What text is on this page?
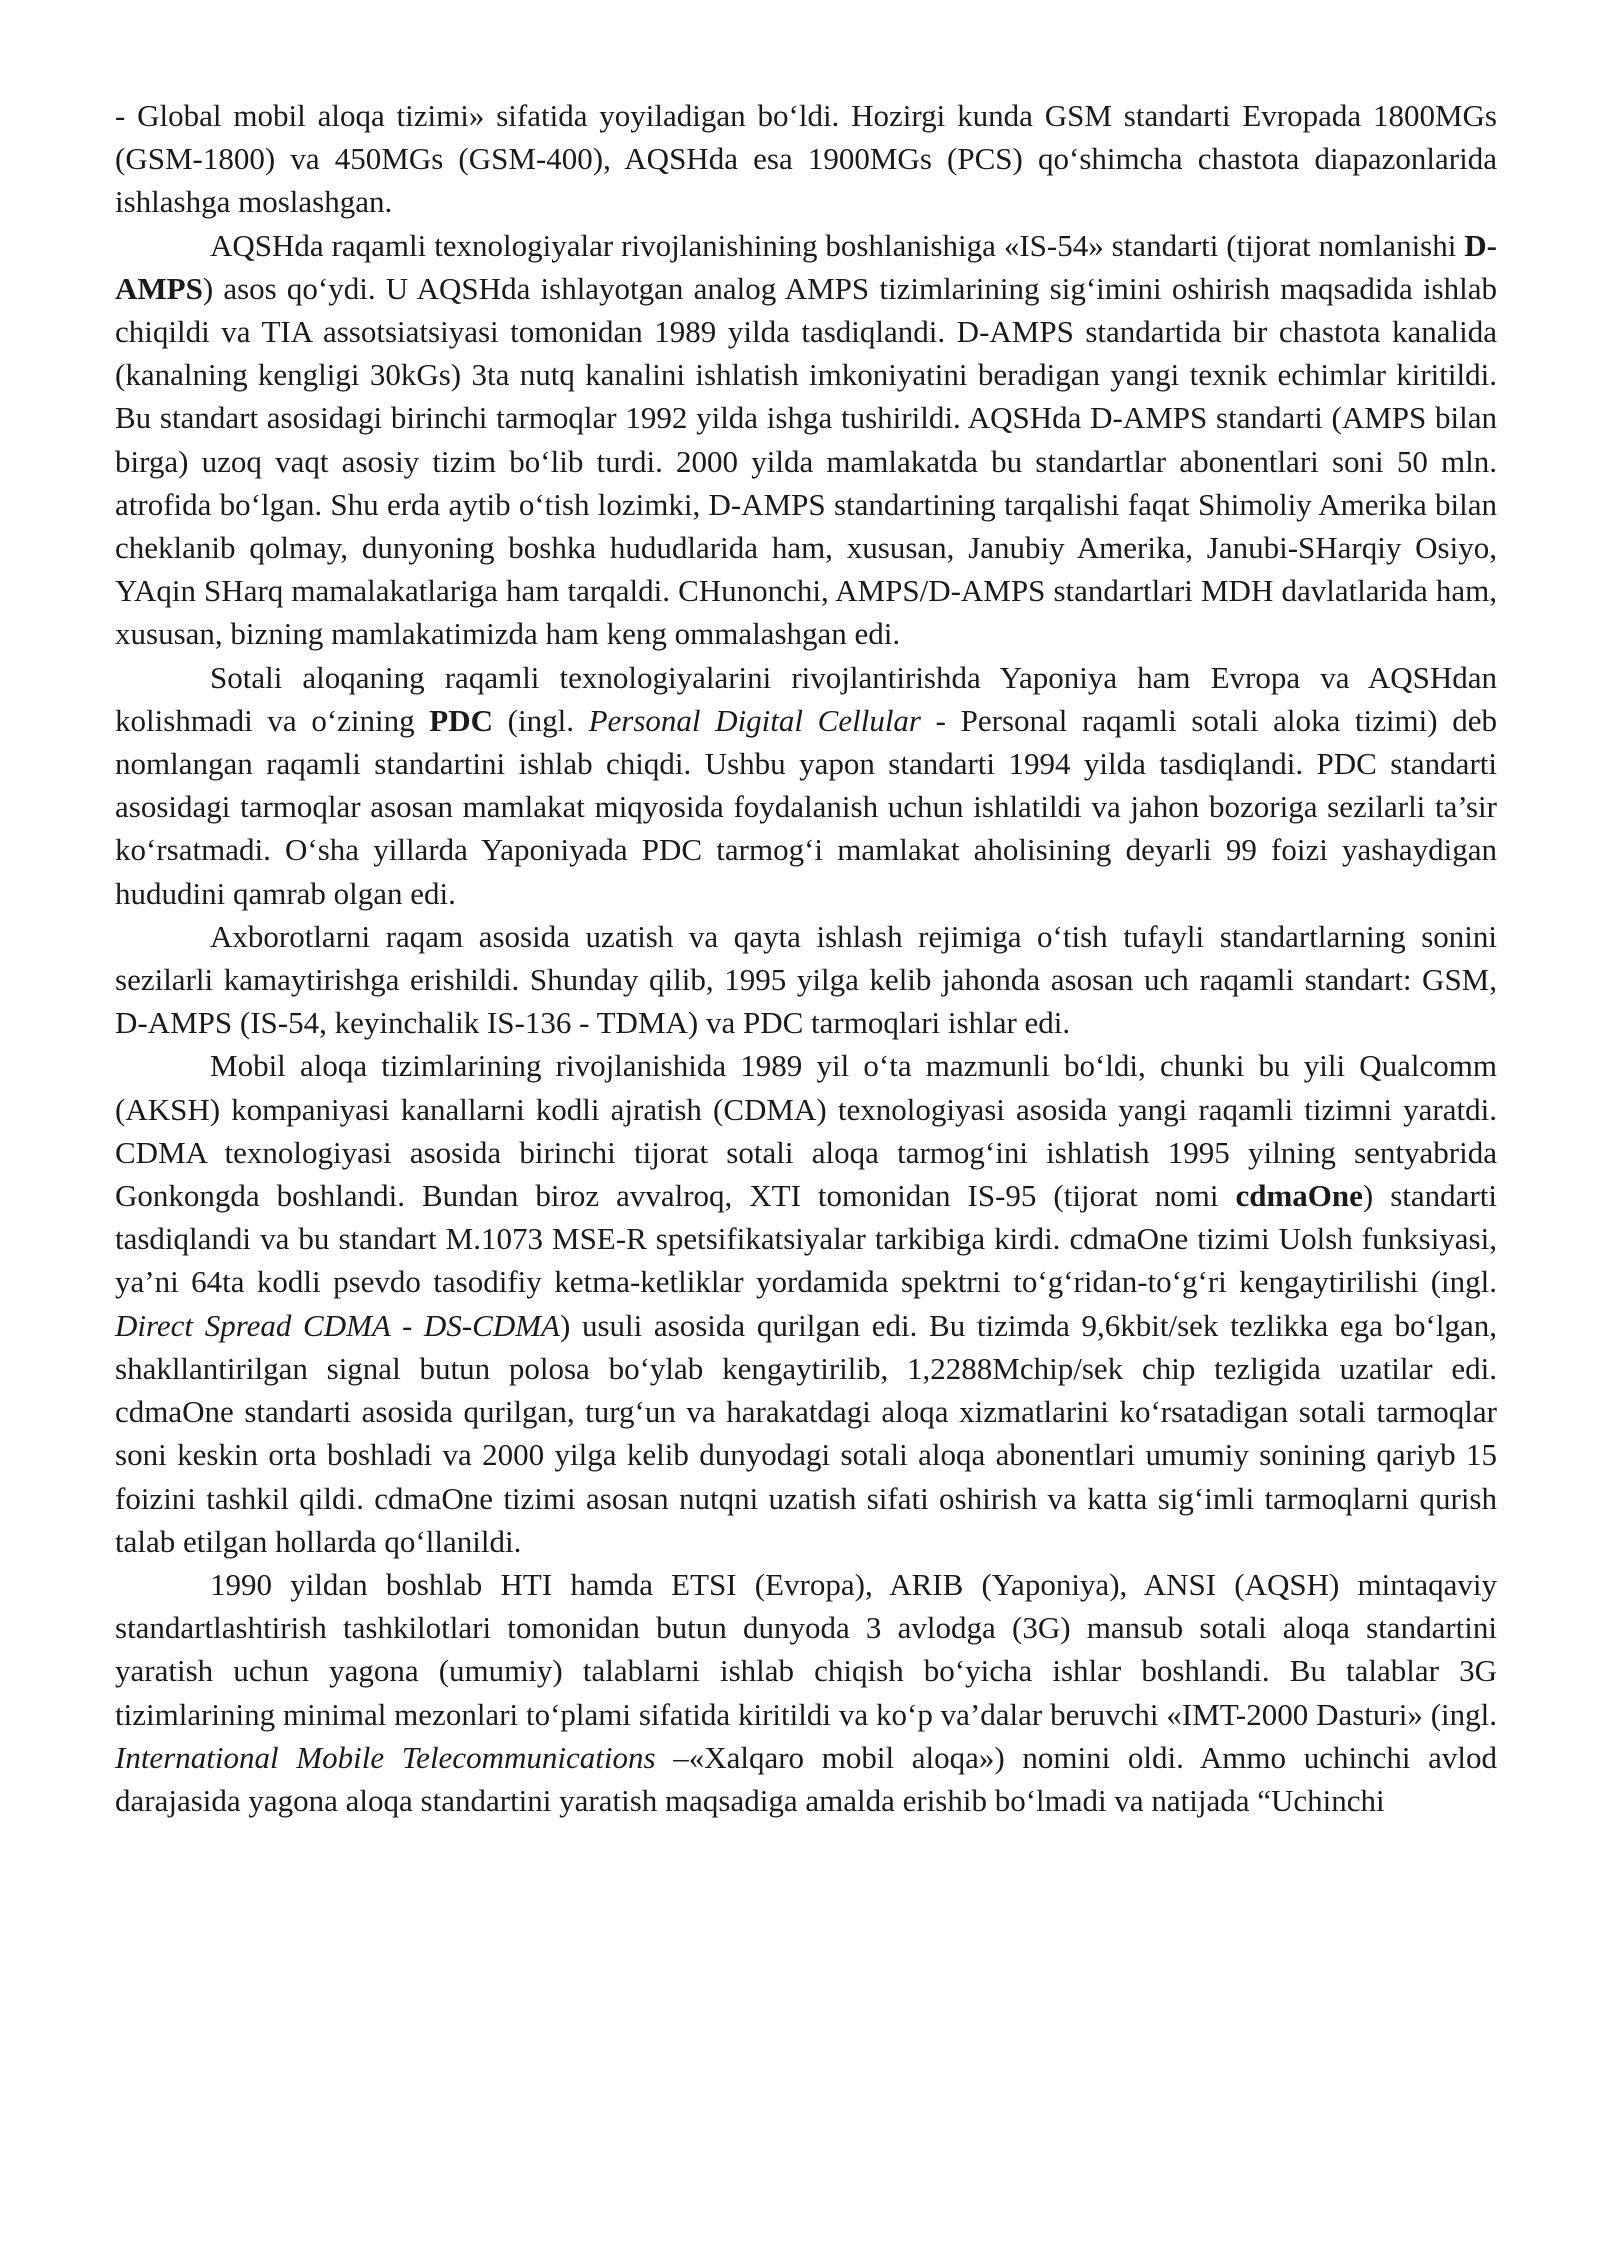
- Global mobil aloqa tizimi» sifatida yoyiladigan bo‘ldi. Hozirgi kunda GSM standarti Evropada 1800MGs (GSM-1800) va 450MGs (GSM-400), AQSHda esa 1900MGs (PCS) qo‘shimcha chastota diapazonlarida ishlashga moslashgan.

AQSHda raqamli texnologiyalar rivojlanishining boshlanishiga «IS-54» standarti (tijorat nomlanishi D-AMPS) asos qo‘ydi. U AQSHda ishlayotgan analog AMPS tizimlarining sig‘imini oshirish maqsadida ishlab chiqildi va TIA assotsiatsiyasi tomonidan 1989 yilda tasdiqlandi. D-AMPS standartida bir chastota kanalida (kanalning kengligi 30kGs) 3ta nutq kanalini ishlatish imkoniyatini beradigan yangi texnik echimlar kiritildi. Bu standart asosidagi birinchi tarmoqlar 1992 yilda ishga tushirildi. AQSHda D-AMPS standarti (AMPS bilan birga) uzoq vaqt asosiy tizim bo‘lib turdi. 2000 yilda mamlakatda bu standartlar abonentlari soni 50 mln. atrofida bo‘lgan. Shu erda aytib o‘tish lozimki, D-AMPS standartining tarqalishi faqat Shimoliy Amerika bilan cheklanib qolmay, dunyoning boshka hududlarida ham, xususan, Janubiy Amerika, Janubi-SHarqiy Osiyo, YAqin SHarq mamalakatlariga ham tarqaldi. CHunonchi, AMPS/D-AMPS standartlari MDH davlatlarida ham, xususan, bizning mamlakatimizda ham keng ommalashgan edi.

Sotali aloqaning raqamli texnologiyalarini rivojlantirishda Yaponiya ham Evropa va AQSHdan kolishmadi va o‘zining PDC (ingl. Personal Digital Cellular - Personal raqamli sotali aloka tizimi) deb nomlangan raqamli standartini ishlab chiqdi. Ushbu yapon standarti 1994 yilda tasdiqlandi. PDC standarti asosidagi tarmoqlar asosan mamlakat miqyosida foydalanish uchun ishlatildi va jahon bozoriga sezilarli ta’sir ko‘rsatmadi. O‘sha yillarda Yaponiyada PDC tarmog‘i mamlakat aholisining deyarli 99 foizi yashaydigan hududini qamrab olgan edi.

Axborotlarni raqam asosida uzatish va qayta ishlash rejimiga o‘tish tufayli standartlarning sonini sezilarli kamaytirishga erishildi. Shunday qilib, 1995 yilga kelib jahonda asosan uch raqamli standart: GSM, D-AMPS (IS-54, keyinchalik IS-136 - TDMA) va PDC tarmoqlari ishlar edi.

Mobil aloqa tizimlarining rivojlanishida 1989 yil o‘ta mazmunli bo‘ldi, chunki bu yili Qualcomm (AKSH) kompaniyasi kanallarni kodli ajratish (CDMA) texnologiyasi asosida yangi raqamli tizimni yaratdi. CDMA texnologiyasi asosida birinchi tijorat sotali aloqa tarmog‘ini ishlatish 1995 yilning sentyabrida Gonkongda boshlandi. Bundan biroz avvalroq, XTI tomonidan IS-95 (tijorat nomi cdmaOne) standarti tasdiqlandi va bu standart M.1073 MSE-R spetsifikatsiyalar tarkibiga kirdi. cdmaOne tizimi Uolsh funksiyasi, ya’ni 64ta kodli psevdo tasodifiy ketma-ketliklar yordamida spektrni to‘g‘ridan-to‘g‘ri kengaytirilishi (ingl. Direct Spread CDMA - DS-CDMA) usuli asosida qurilgan edi. Bu tizimda 9,6kbit/sek tezlikka ega bo‘lgan, shakllantirilgan signal butun polosa bo‘ylab kengaytirilib, 1,2288Mchip/sek chip tezligida uzatilar edi. cdmaOne standarti asosida qurilgan, turg‘un va harakatdagi aloqa xizmatlarini ko‘rsatadigan sotali tarmoqlar soni keskin orta boshladi va 2000 yilga kelib dunyodagi sotali aloqa abonentlari umumiy sonining qariyb 15 foizini tashkil qildi. cdmaOne tizimi asosan nutqni uzatish sifati oshirish va katta sig‘imli tarmoqlarni qurish talab etilgan hollarda qo‘llanildi.

1990 yildan boshlab HTI hamda ETSI (Evropa), ARIB (Yaponiya), ANSI (AQSH) mintaqaviy standartlashtirish tashkilotlari tomonidan butun dunyoda 3 avlodga (3G) mansub sotali aloqa standartini yaratish uchun yagona (umumiy) talablarni ishlab chiqish bo‘yicha ishlar boshlandi. Bu talablar 3G tizimlarining minimal mezonlari to‘plami sifatida kiritildi va ko‘p va’dalar beruvchi «IMT-2000 Dasturi» (ingl. International Mobile Telecommunications –«Xalqaro mobil aloqa») nomini oldi. Ammo uchinchi avlod darajasida yagona aloqa standartini yaratish maqsadiga amalda erishib bo‘lmadi va natijada “Uchinchi
